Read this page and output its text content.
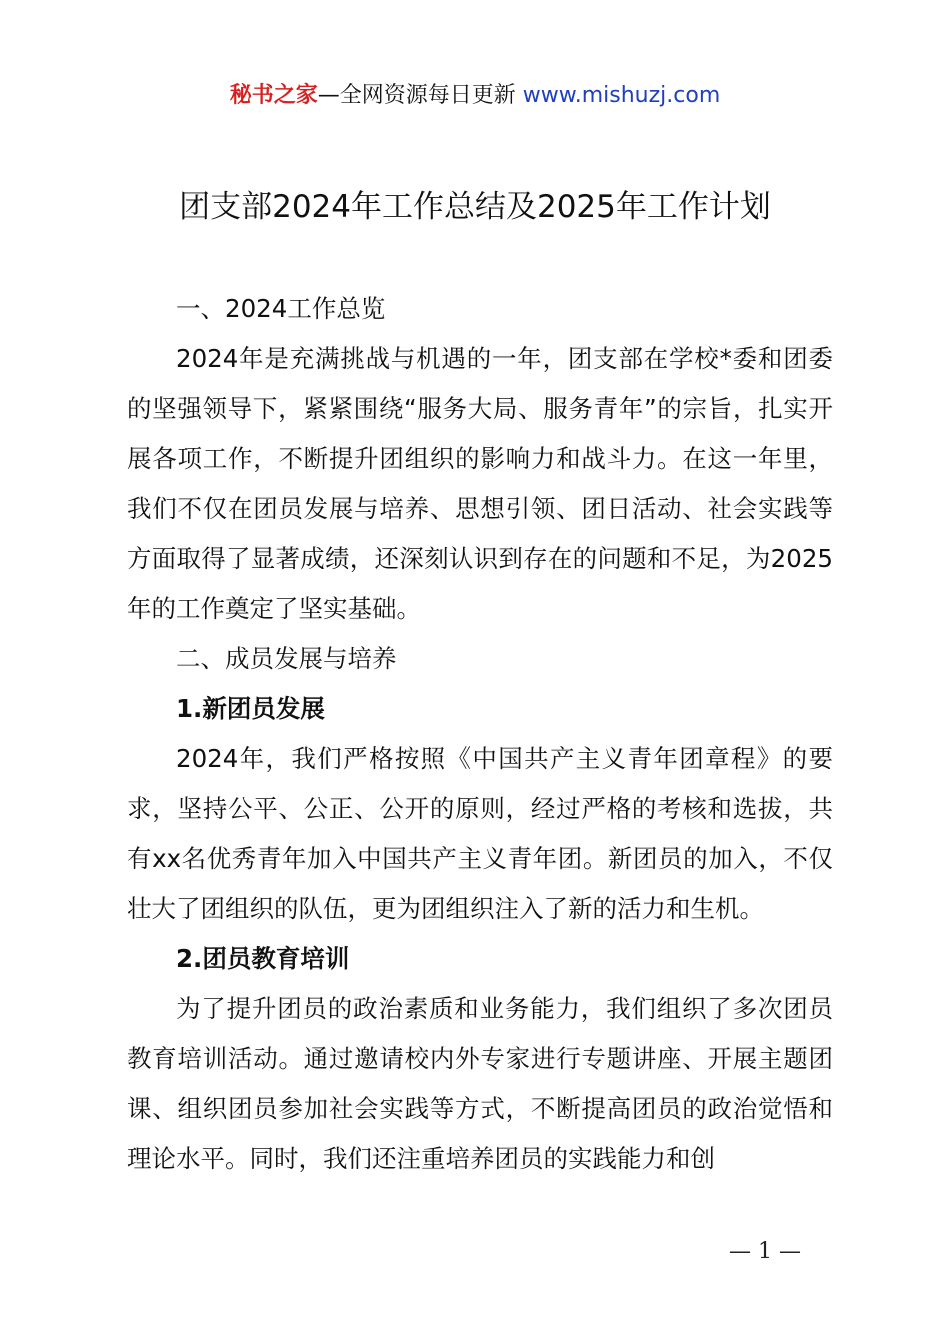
秘书之家—全网资源每日更新 www.mishuzj.com
团支部2024年工作总结及2025年工作计划

一、2024工作总览

2024年是充满挑战与机遇的一年，团支部在学校*委和团委的坚强领导下，紧紧围绕“服务大局、服务青年”的宗旨，扎实开展各项工作，不断提升团组织的影响力和战斗力。在这一年里，我们不仅在团员发展与培养、思想引领、团日活动、社会实践等方面取得了显著成绩，还深刻认识到存在的问题和不足，为2025年的工作奠定了坚实基础。

二、成员发展与培养

1.新团员发展

2024年，我们严格按照《中国共产主义青年团章程》的要求，坚持公平、公正、公开的原则，经过严格的考核和选拔，共有xx名优秀青年加入中国共产主义青年团。新团员的加入，不仅壮大了团组织的队伍，更为团组织注入了新的活力和生机。

2.团员教育培训

为了提升团员的政治素质和业务能力，我们组织了多次团员教育培训活动。通过邀请校内外专家进行专题讲座、开展主题团课、组织团员参加社会实践等方式，不断提高团员的政治觉悟和理论水平。同时，我们还注重培养团员的实践能力和创

— 1 —
